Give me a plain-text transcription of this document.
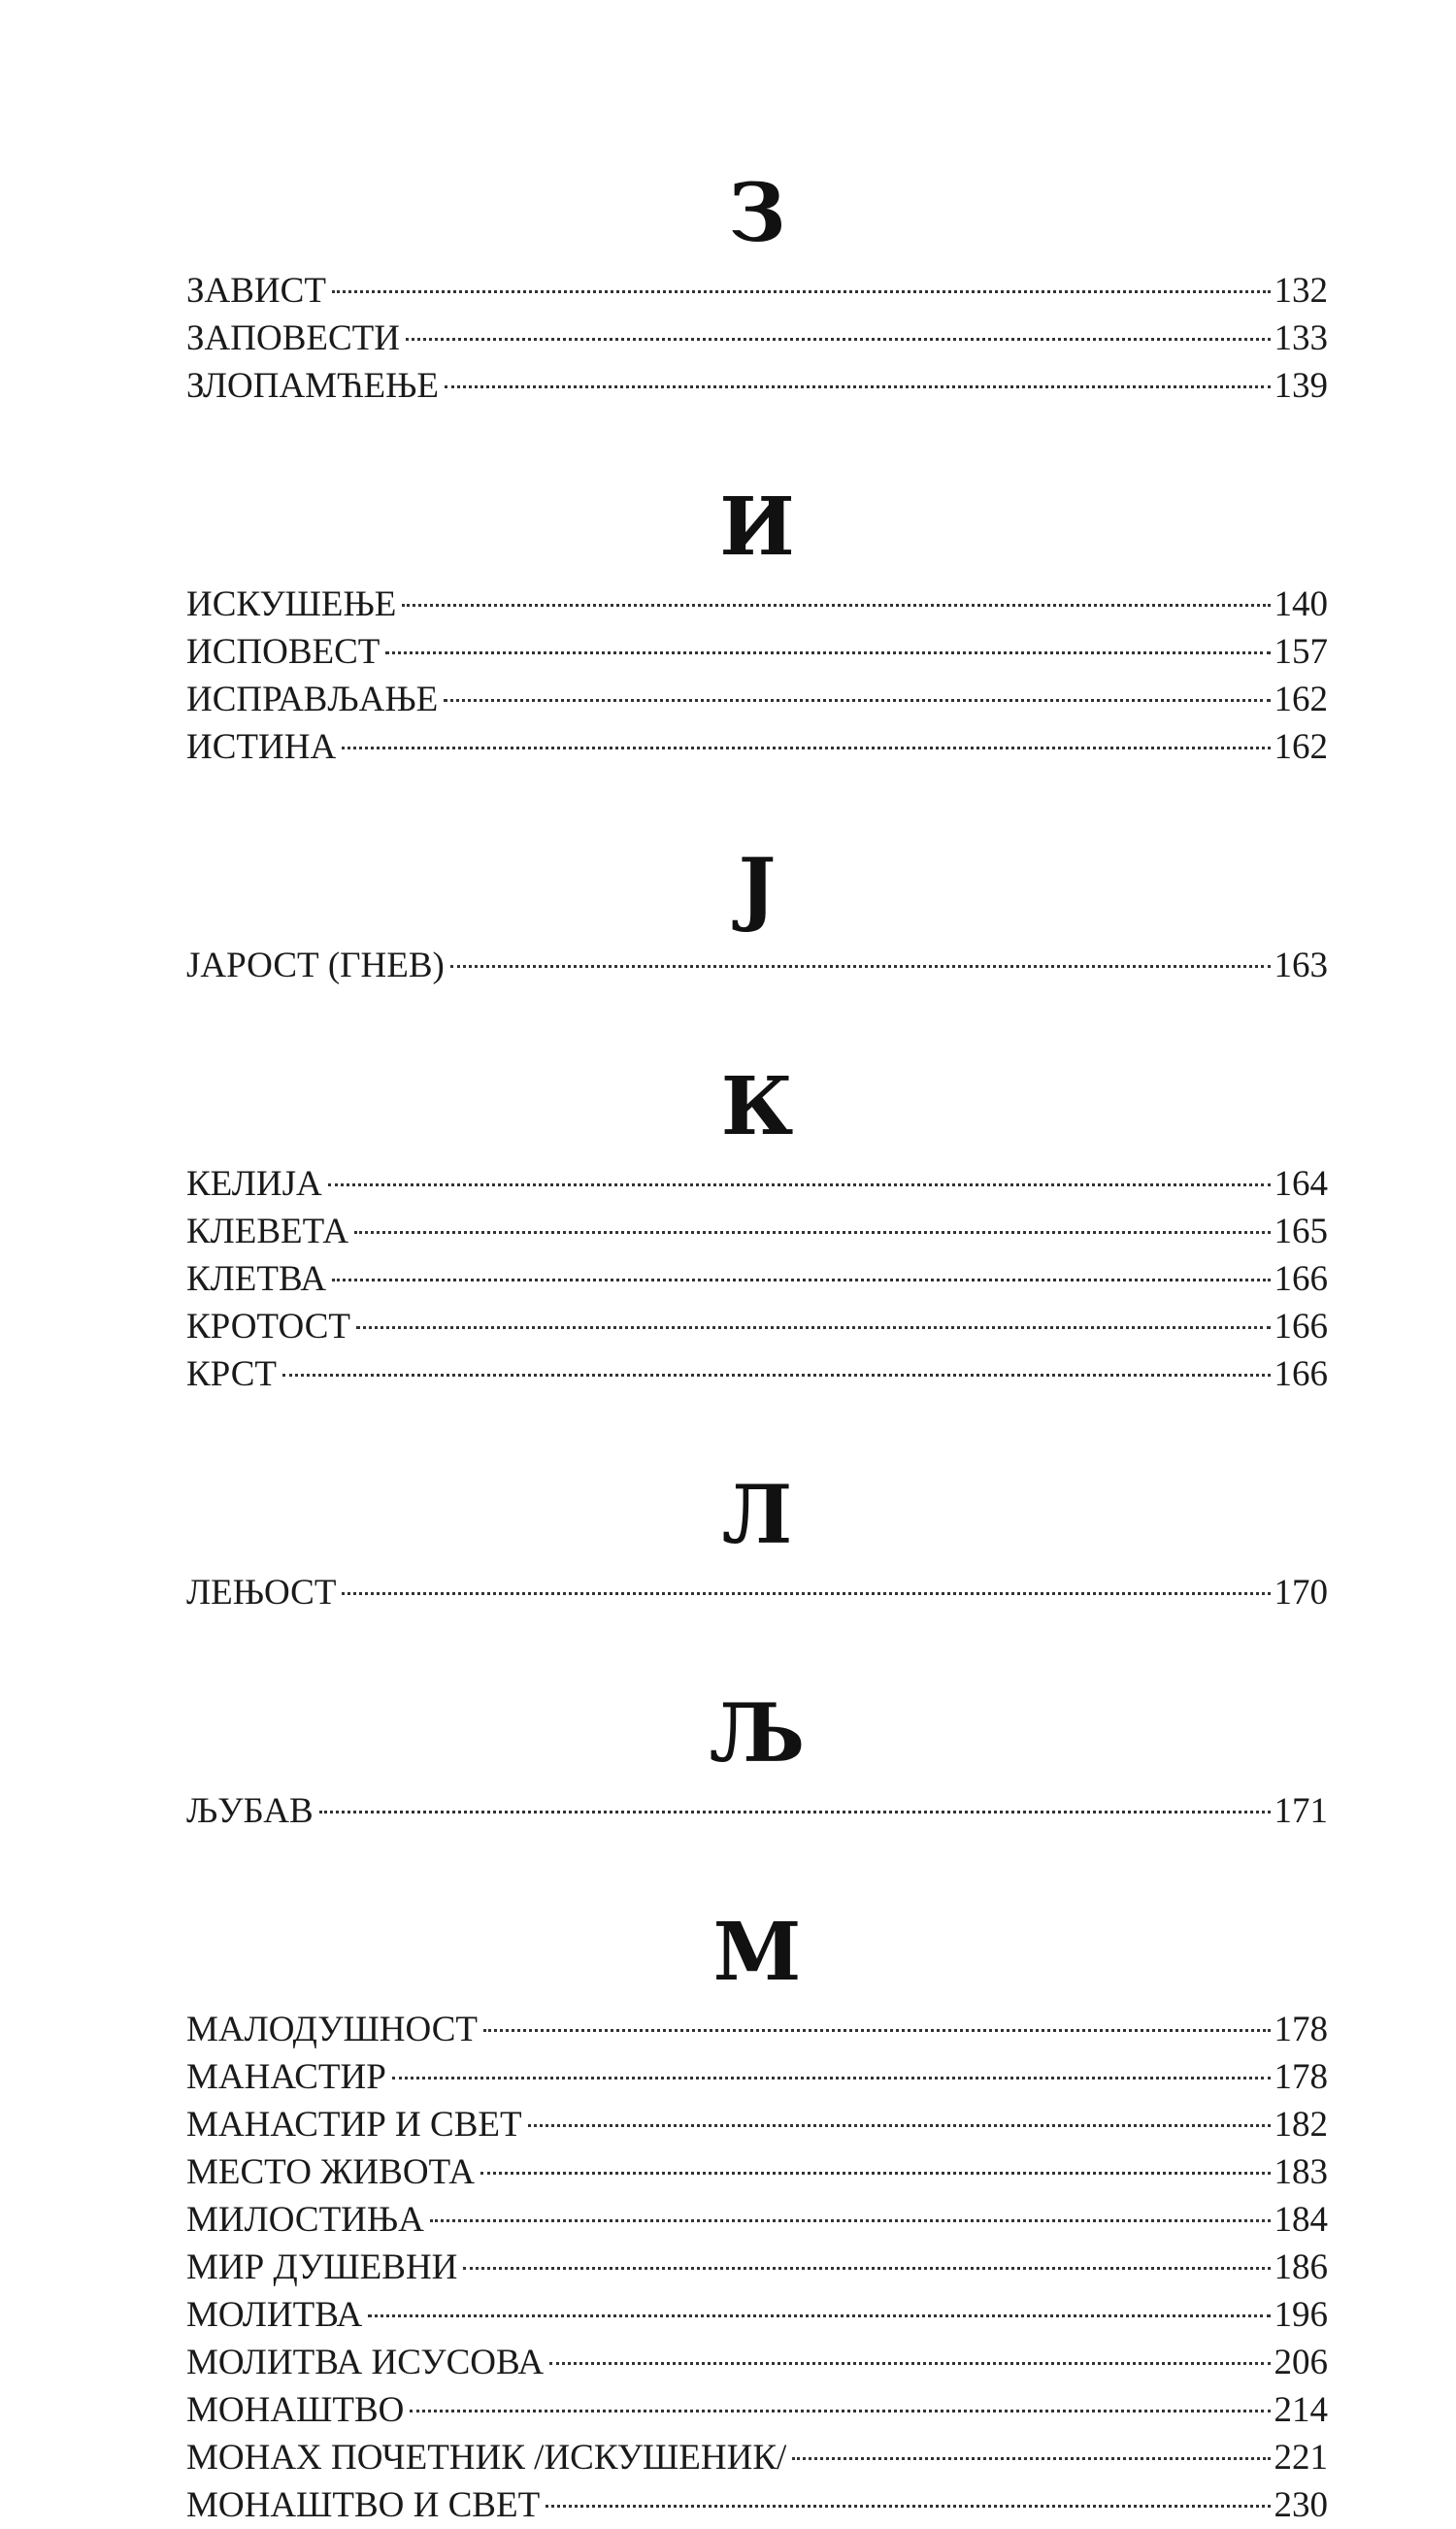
З
ЗАВИСТ	132
ЗАПОВЕСТИ	133
ЗЛОПАМЋЕЊЕ	139
И
ИСКУШЕЊЕ	140
ИСПОВЕСТ	157
ИСПРАВЉАЊЕ	162
ИСТИНА	162
Ј
ЈАРОСТ (ГНЕВ)	163
К
КЕЛИЈА	164
КЛЕВЕТА	165
КЛЕТВА	166
КРОТОСТ	166
КРСТ	166
Л
ЛЕЊОСТ	170
Љ
ЉУБАВ	171
М
МАЛОДУШНОСТ	178
МАНАСТИР	178
МАНАСТИР И СВЕТ	182
МЕСТО ЖИВОТА	183
МИЛОСТИЊА	184
МИР ДУШЕВНИ	186
МОЛИТВА	196
МОЛИТВА ИСУСОВА	206
МОНАШТВО	214
МОНАХ ПОЧЕТНИК /ИСКУШЕНИК/	221
МОНАШТВО И СВЕТ	230
